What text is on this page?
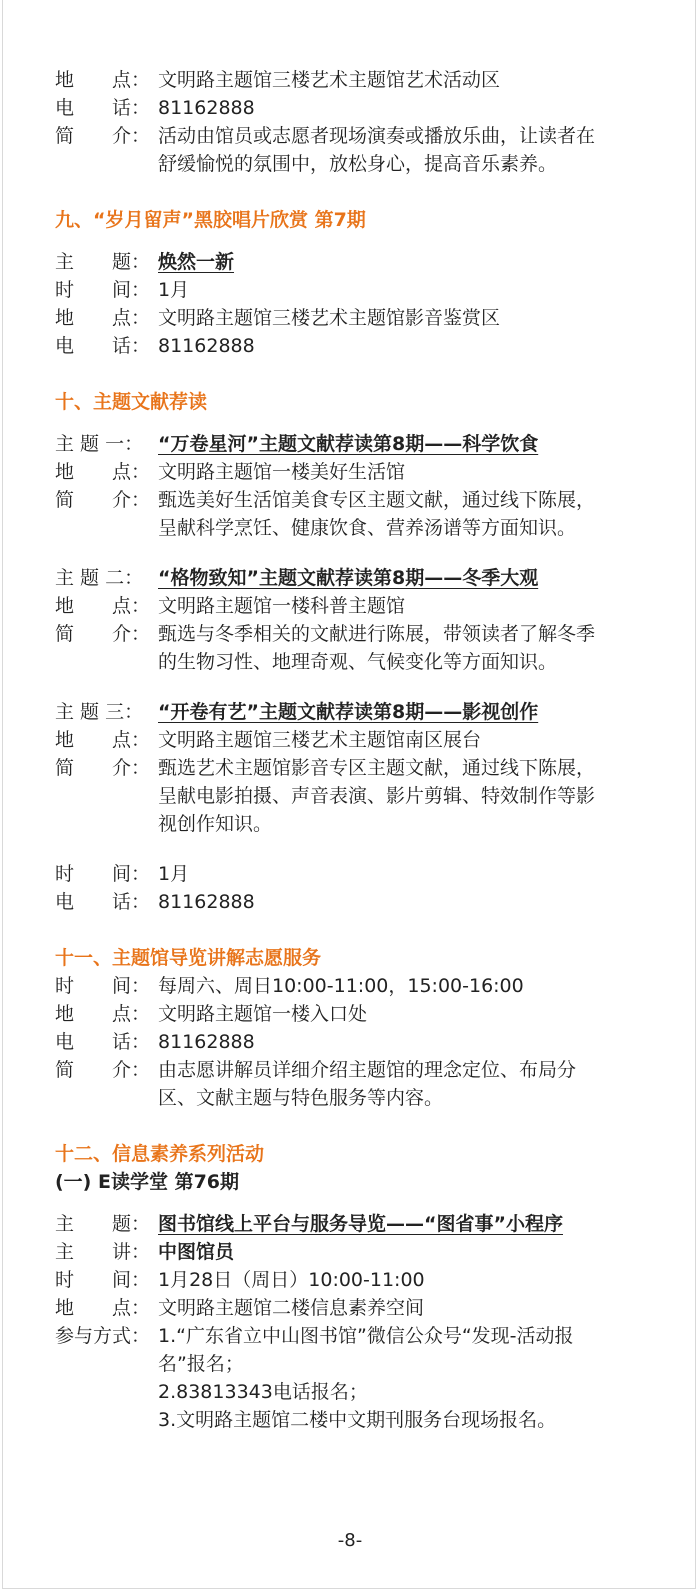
地　　点： 文明路主题馆三楼艺术主题馆艺术活动区
电　　话： 81162888
简　　介： 活动由馆员或志愿者现场演奏或播放乐曲，让读者在
舒缓愉悦的氛围中，放松身心，提高音乐素养。
九、“岁月留声”黑胶唱片欣赏 第7期
主　　题： 焕然一新
时　　间： 1月
地　　点： 文明路主题馆三楼艺术主题馆影音鉴赏区
电　　话： 81162888
十、主题文献荐读
主 题 一： “万卷星河”主题文献荐读第8期——科学饮食
地　　点： 文明路主题馆一楼美好生活馆
简　　介： 甄选美好生活馆美食专区主题文献，通过线下陈展，
呈献科学烹饪、健康饮食、营养汤谱等方面知识。
主 题 二： “格物致知”主题文献荐读第8期——冬季大观
地　　点： 文明路主题馆一楼科普主题馆
简　　介： 甄选与冬季相关的文献进行陈展，带领读者了解冬季
的生物习性、地理奇观、气候变化等方面知识。
主 题 三： “开卷有艺”主题文献荐读第8期——影视创作
地　　点： 文明路主题馆三楼艺术主题馆南区展台
简　　介： 甄选艺术主题馆影音专区主题文献，通过线下陈展，
呈献电影拍摄、声音表演、影片剪辑、特效制作等影
视创作知识。
时　　间： 1月
电　　话： 81162888
十一、主题馆导览讲解志愿服务
时　　间： 每周六、周日10:00-11:00，15:00-16:00
地　　点： 文明路主题馆一楼入口处
电　　话： 81162888
简　　介： 由志愿讲解员详细介绍主题馆的理念定位、布局分
区、文献主题与特色服务等内容。
十二、信息素养系列活动
(一) E读学堂 第76期
主　　题： 图书馆线上平台与服务导览——“图省事”小程序
主　　讲： 中图馆员
时　　间： 1月28日（周日）10:00-11:00
地　　点： 文明路主题馆二楼信息素养空间
参与方式： 1.“广东省立中山图书馆”微信公众号“发现-活动报
名”报名；
2.83813343电话报名；
3.文明路主题馆二楼中文期刊服务台现场报名。
-8-
